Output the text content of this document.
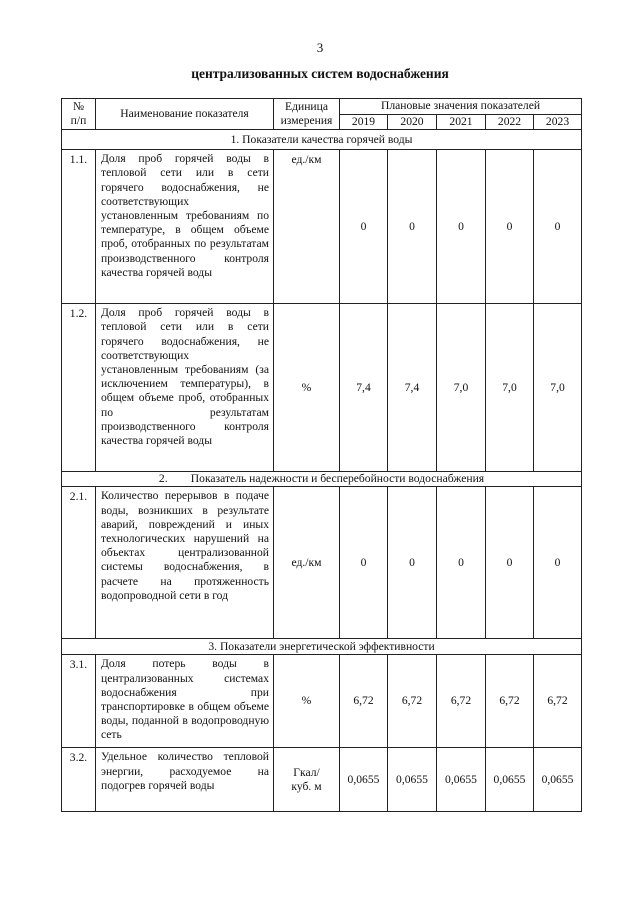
3
централизованных систем водоснабжения
№
п/п	Наименование показателя	Единица
измерения	Плановые значения показателей				
			2019	2020	2021	2022	2023
1. Показатели качества горячей воды							
1.1.	Доля проб горячей воды в тепловой сети или в сети горячего водоснабжения, не соответствующих установленным требованиям по температуре, в общем объеме проб, отобранных по результатам производственного контроля качества горячей воды	ед./км	0	0	0	0	0
1.2.	Доля проб горячей воды в тепловой сети или в сети горячего водоснабжения, не соответствующих установленным требованиям (за исключением температуры), в общем объеме проб, отобранных по результатам производственного контроля качества горячей воды	%	7,4	7,4	7,0	7,0	7,0
2.        Показатель надежности и бесперебойности водоснабжения							
2.1.	Количество перерывов в подаче воды, возникших в результате аварий, повреждений и иных технологических нарушений на объектах централизованной системы водоснабжения, в расчете на протяженность водопроводной сети в год	ед./км	0	0	0	0	0
3. Показатели энергетической эффективности							
3.1.	Доля потерь воды в централизованных системах водоснабжения при транспортировке в общем объеме воды, поданной в водопроводную сеть	%	6,72	6,72	6,72	6,72	6,72
3.2.	Удельное количество тепловой энергии, расходуемое на подогрев горячей воды	Гкал/
куб. м	0,0655	0,0655	0,0655	0,0655	0,0655
